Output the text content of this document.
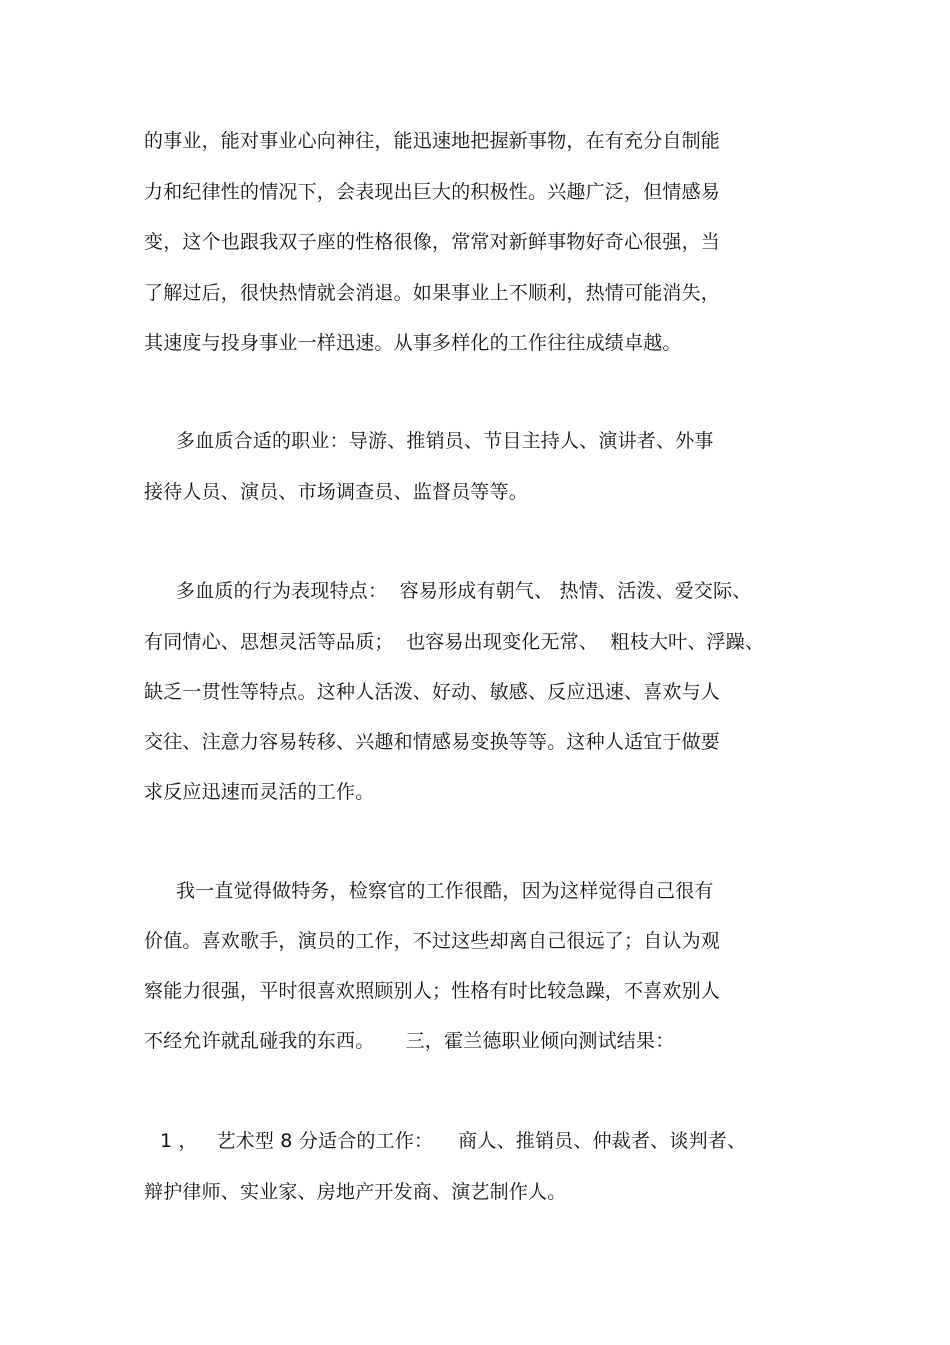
的事业，能对事业心向神往，能迅速地把握新事物，在有充分自制能
力和纪律性的情况下，会表现出巨大的积极性。兴趣广泛，但情感易
变，这个也跟我双子座的性格很像，常常对新鲜事物好奇心很强，当
了解过后，很快热情就会消退。如果事业上不顺利，热情可能消失，
其速度与投身事业一样迅速。从事多样化的工作往往成绩卓越。
多血质合适的职业：导游、推销员、节目主持人、演讲者、外事
接待人员、演员、市场调查员、监督员等等。
多血质的行为表现特点：  容易形成有朝气、 热情、活泼、爱交际、
有同情心、思想灵活等品质；  也容易出现变化无常、  粗枝大叶、浮躁、
缺乏一贯性等特点。这种人活泼、好动、敏感、反应迅速、喜欢与人
交往、注意力容易转移、兴趣和情感易变换等等。这种人适宜于做要
求反应迅速而灵活的工作。
我一直觉得做特务，检察官的工作很酷，因为这样觉得自己很有
价值。喜欢歌手，演员的工作，不过这些却离自己很远了；自认为观
察能力很强，平时很喜欢照顾别人；性格有时比较急躁，不喜欢别人
不经允许就乱碰我的东西。     三，霍兰德职业倾向测试结果：
1 ，   艺术型 8 分适合的工作：    商人、推销员、仲裁者、谈判者、
辩护律师、实业家、房地产开发商、演艺制作人。
